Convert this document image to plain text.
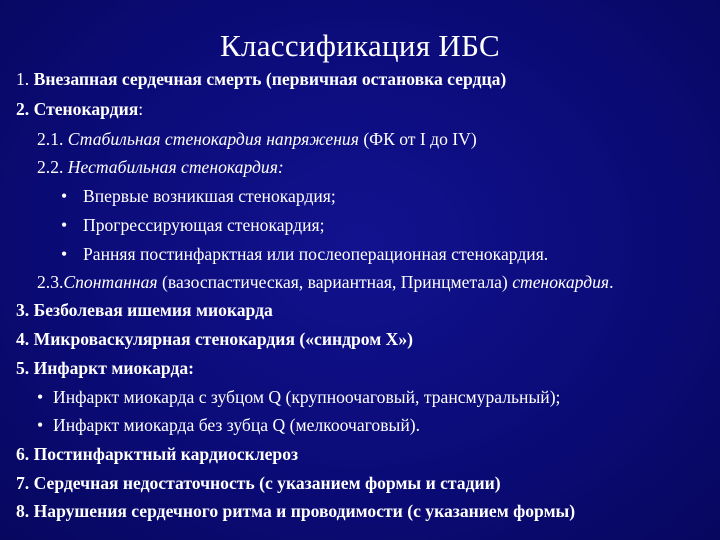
Классификация ИБС
1. Внезапная сердечная смерть (первичная остановка сердца)
2. Стенокардия:
2.1. Стабильная стенокардия напряжения (ФК от I до IV)
2.2. Нестабильная стенокардия:
• Впервые возникшая стенокардия;
• Прогрессирующая стенокардия;
• Ранняя постинфарктная или послеоперационная стенокардия.
2.3.Спонтанная (вазоспастическая, вариантная, Принцметала) стенокардия.
3. Безболевая ишемия миокарда
4. Микроваскулярная стенокардия («синдром Х»)
5. Инфаркт миокарда:
• Инфаркт миокарда с зубцом Q (крупноочаговый, трансмуральный);
• Инфаркт миокарда без зубца Q (мелкоочаговый).
6. Постинфарктный кардиосклероз
7. Сердечная недостаточность (с указанием формы и стадии)
8. Нарушения сердечного ритма и проводимости (с указанием формы)
